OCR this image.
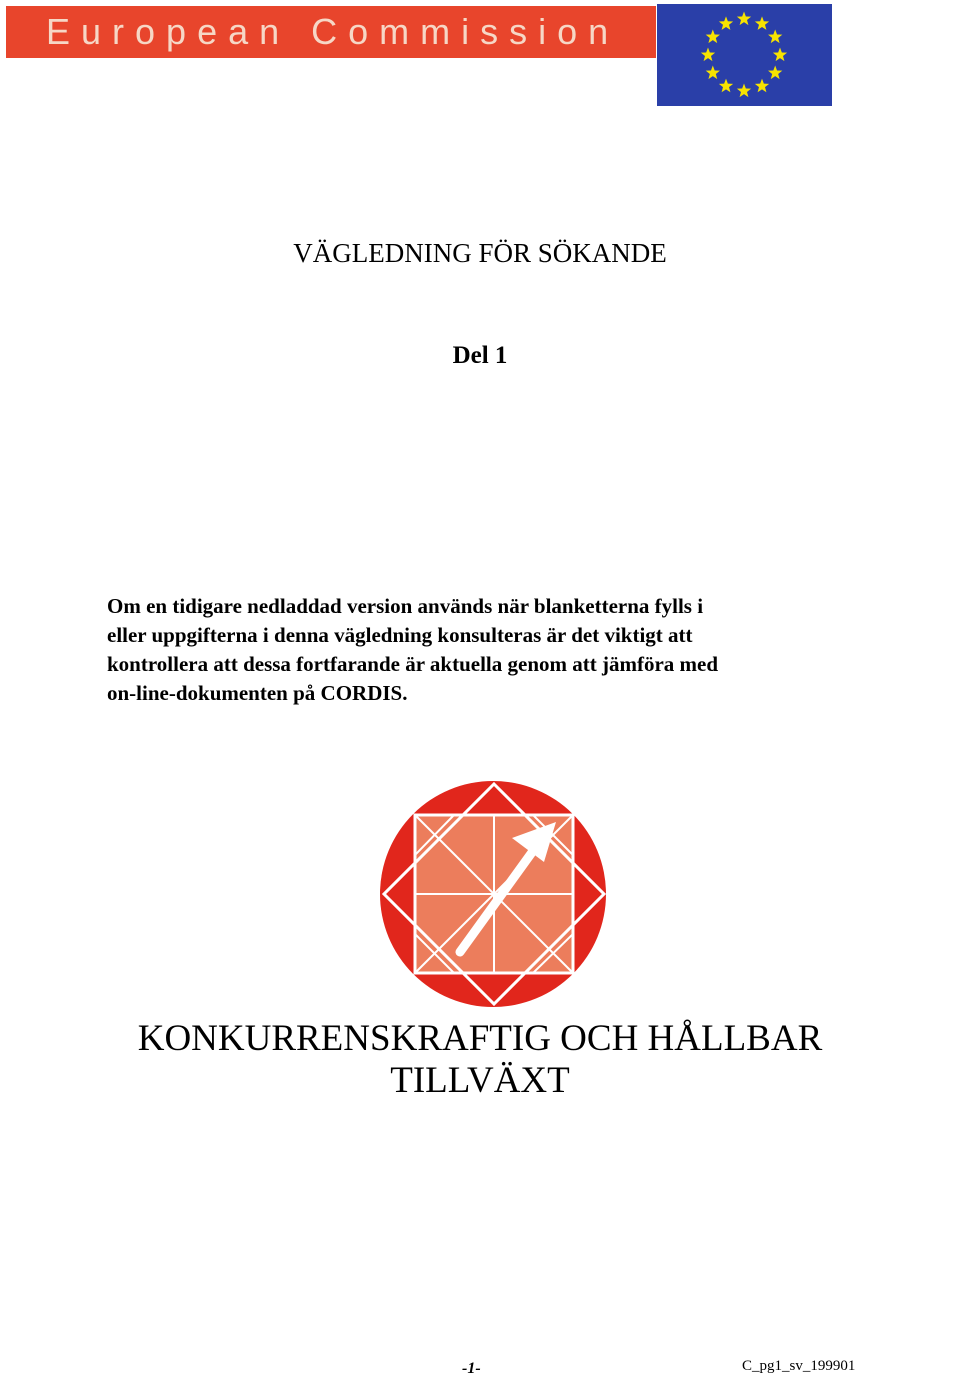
European Commission
VÄGLEDNING FÖR SÖKANDE
Del 1
Om en tidigare nedladdad version används när blanketterna fylls i
eller uppgifterna i denna vägledning konsulteras är det viktigt att
kontrollera att dessa fortfarande är aktuella genom att jämföra med
on-line-dokumenten på CORDIS.
KONKURRENSKRAFTIG OCH HÅLLBAR
TILLVÄXT
-1-	C_pg1_sv_199901
